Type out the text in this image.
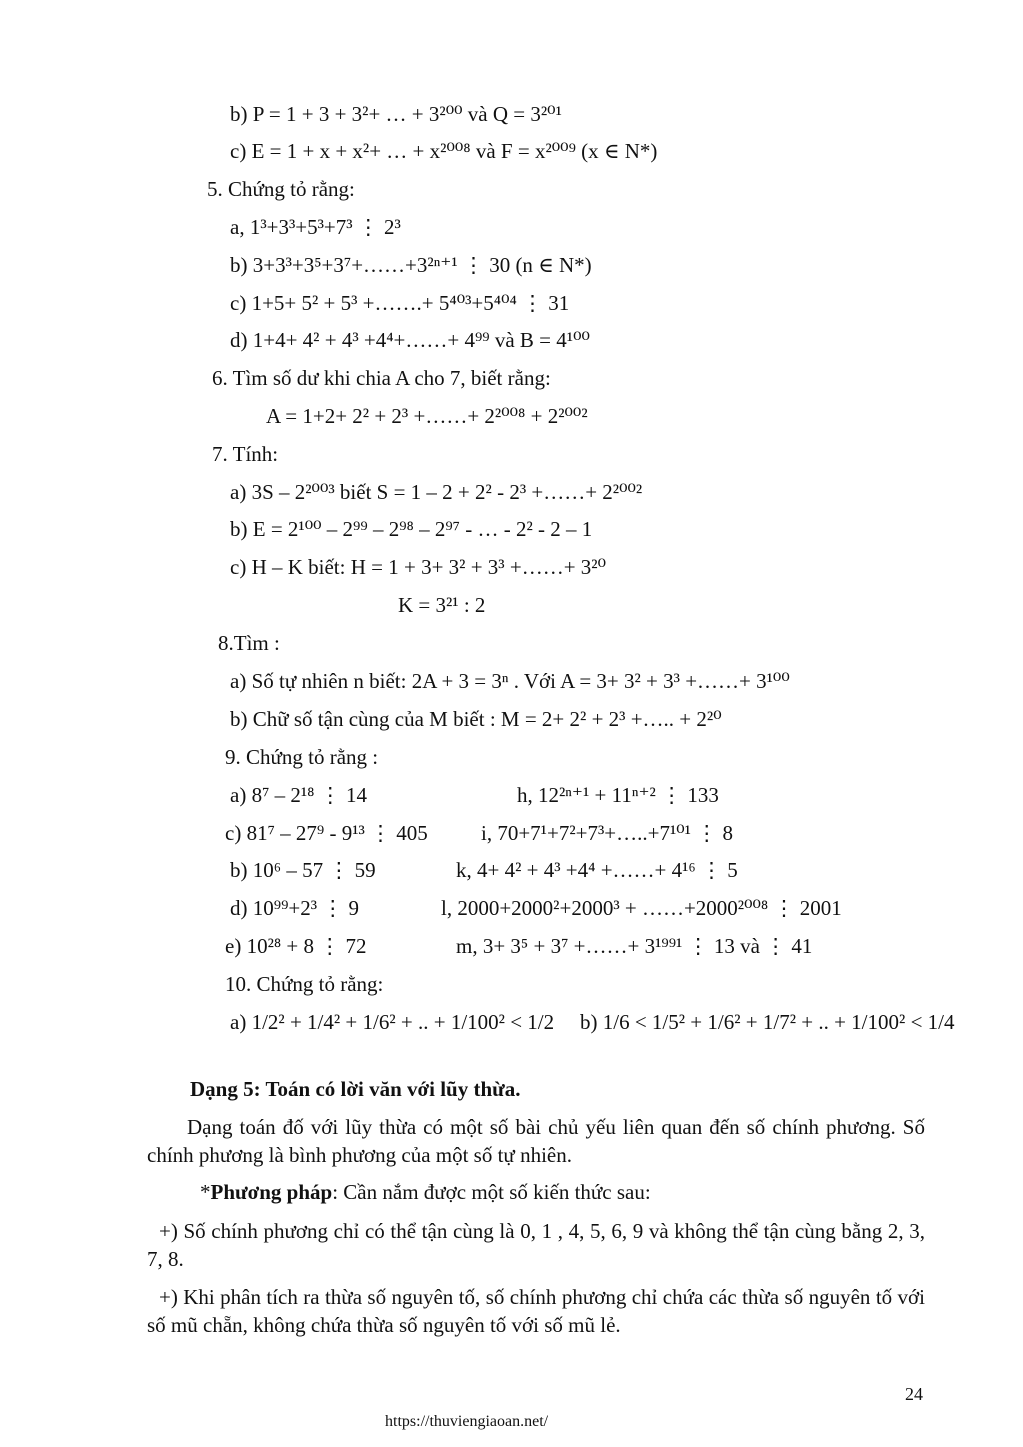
b) P = 1 + 3 + 3²+ … + 3²⁰⁰ và Q = 3²⁰¹
c) E = 1 + x + x²+ … + x²⁰⁰⁸ và F = x²⁰⁰⁹ (x ∈ N*)
5. Chứng tỏ rằng:
a, 1³+3³+5³+7³ ⋮ 2³
b) 3+3³+3⁵+3⁷+……+3²ⁿ⁺¹ ⋮ 30 (n ∈ N*)
c) 1+5+ 5² + 5³ +…….+ 5⁴⁰³+5⁴⁰⁴ ⋮ 31
d) 1+4+ 4² + 4³ +4⁴+……+ 4⁹⁹ và B = 4¹⁰⁰
6. Tìm số dư khi chia A cho 7, biết rằng:
A = 1+2+ 2² + 2³ +……+ 2²⁰⁰⁸ + 2²⁰⁰²
7. Tính:
a) 3S – 2²⁰⁰³ biết S = 1 – 2 + 2² - 2³ +……+ 2²⁰⁰²
b) E = 2¹⁰⁰ – 2⁹⁹ – 2⁹⁸ – 2⁹⁷ - … - 2² - 2 – 1
c) H – K biết: H = 1 + 3+ 3² + 3³ +……+ 3²⁰
K = 3²¹ : 2
8.Tìm :
a) Số tự nhiên n biết: 2A + 3 = 3ⁿ . Với A = 3+ 3² + 3³ +……+ 3¹⁰⁰
b) Chữ số tận cùng của M biết : M = 2+ 2² + 2³ +….. + 2²⁰
9. Chứng tỏ rằng :
a) 8⁷ – 2¹⁸ ⋮ 14	h, 12²ⁿ⁺¹ + 11ⁿ⁺² ⋮ 133
c) 81⁷ – 27⁹ - 9¹³ ⋮ 405	i, 70+7¹+7²+7³+…..+7¹⁰¹ ⋮ 8
b) 10⁶ – 57 ⋮ 59	k, 4+ 4² + 4³ +4⁴ +……+ 4¹⁶ ⋮ 5
d) 10⁹⁹+2³ ⋮ 9	l, 2000+2000²+2000³ + ……+2000²⁰⁰⁸ ⋮ 2001
e) 10²⁸ + 8 ⋮ 72	m, 3+ 3⁵ + 3⁷ +……+ 3¹⁹⁹¹ ⋮ 13 và ⋮ 41
10. Chứng tỏ rằng:
a) 1/2² + 1/4² + 1/6² + .. + 1/100² < 1/2 b) 1/6 < 1/5² + 1/6² + 1/7² + .. + 1/100² < 1/4
Dạng 5: Toán có lời văn với lũy thừa.
Dạng toán đố với lũy thừa có một số bài chủ yếu liên quan đến số chính phương. Số chính phương là bình phương của một số tự nhiên.
*Phương pháp: Cần nắm được một số kiến thức sau:
+) Số chính phương chỉ có thể tận cùng là 0, 1 , 4, 5, 6, 9 và không thể tận cùng bằng 2, 3, 7, 8.
+) Khi phân tích ra thừa số nguyên tố, số chính phương chỉ chứa các thừa số nguyên tố với số mũ chẵn, không chứa thừa số nguyên tố với số mũ lẻ.
24
https://thuviengiaoan.net/
